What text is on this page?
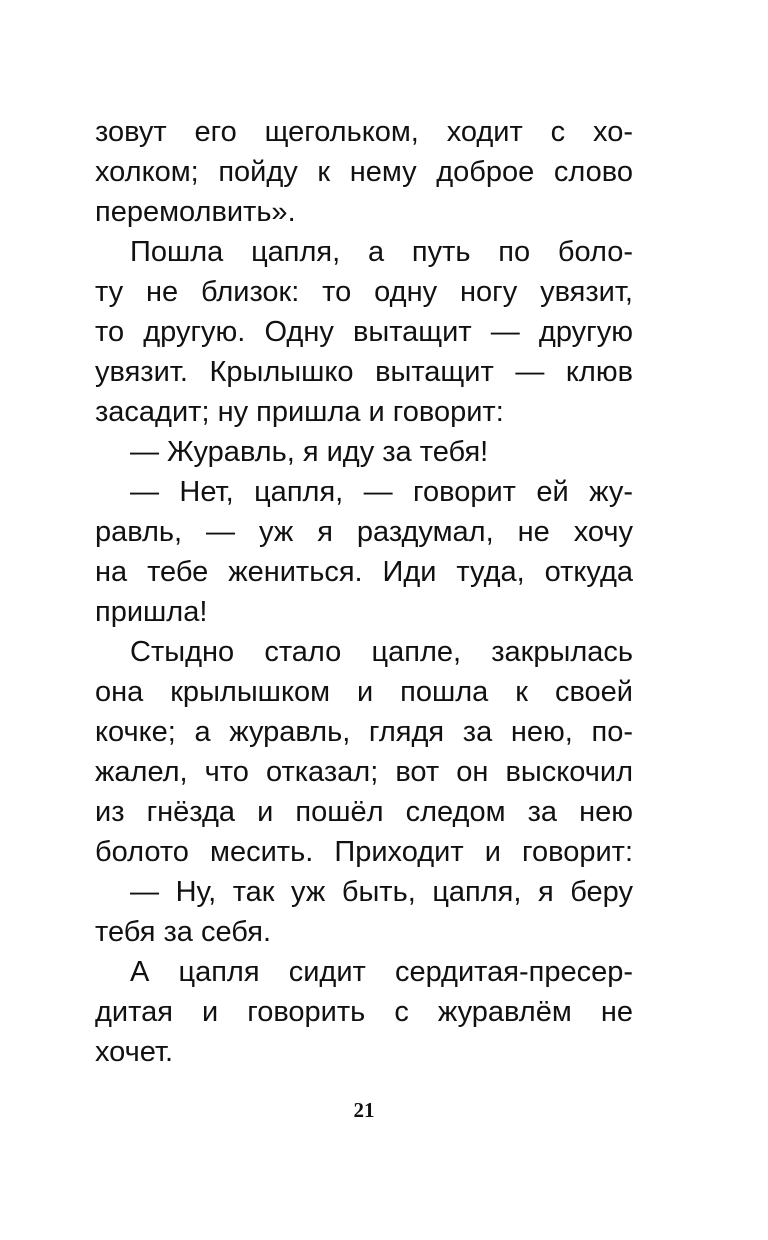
зовут его щегольком, ходит с хо-
холком; пойду к нему доброе слово
перемолвить».
Пошла цапля, а путь по боло-
ту не близок: то одну ногу увязит,
то другую. Одну вытащит — другую
увязит. Крылышко вытащит — клюв
засадит; ну пришла и говорит:
— Журавль, я иду за тебя!
— Нет, цапля, — говорит ей жу-
равль, — уж я раздумал, не хочу
на тебе жениться. Иди туда, откуда
пришла!
Стыдно стало цапле, закрылась
она крылышком и пошла к своей
кочке; а журавль, глядя за нею, по-
жалел, что отказал; вот он выскочил
из гнёзда и пошёл следом за нею
болото месить. Приходит и говорит:
— Ну, так уж быть, цапля, я беру
тебя за себя.
А цапля сидит сердитая-пресер-
дитая и говорить с журавлём не
хочет.
21
